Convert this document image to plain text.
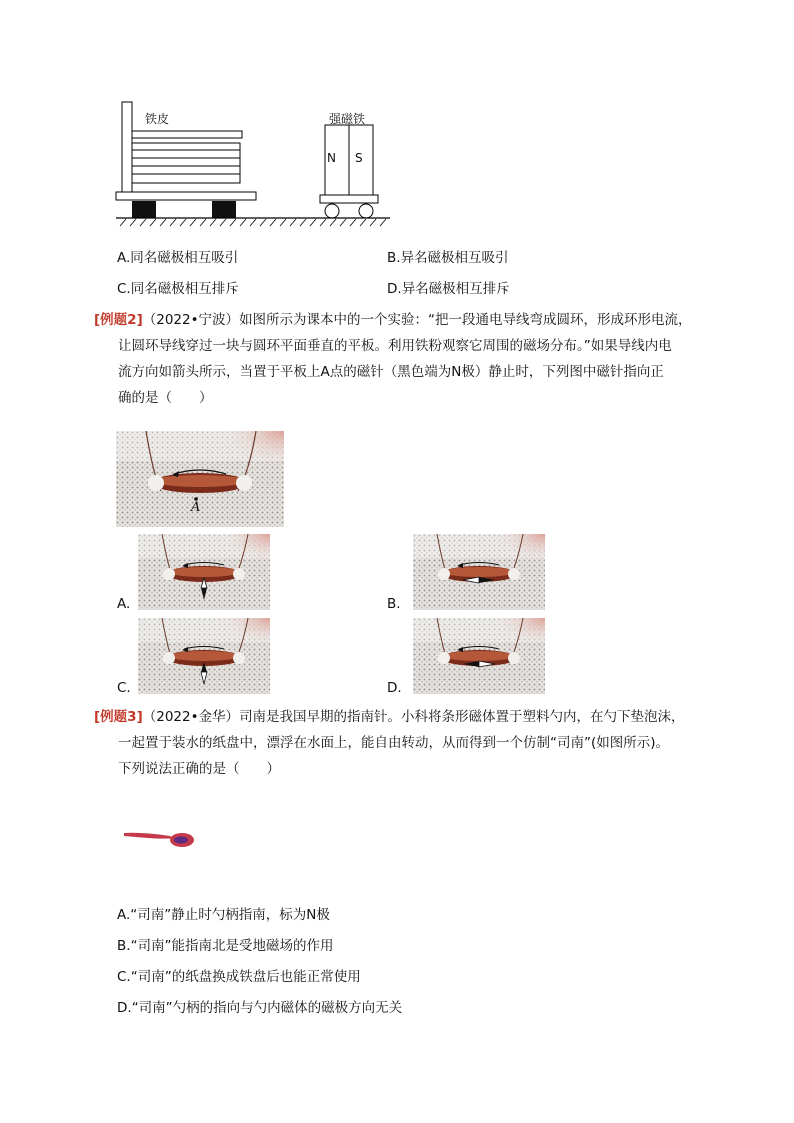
铁皮	强磁铁
N S
A.同名磁极相互吸引	B.异名磁极相互吸引
C.同名磁极相互排斥	D.异名磁极相互排斥
[例题2]（2022•宁波）如图所示为课本中的一个实验：“把一段通电导线弯成圆环，形成环形电流，
让圆环导线穿过一块与圆环平面垂直的平板。利用铁粉观察它周围的磁场分布。”如果导线内电
流方向如箭头所示，当置于平板上A点的磁针（黑色端为N极）静止时，下列图中磁针指向正
确的是（　　）
A
A.	B.
C.	D.
[例题3]（2022•金华）司南是我国早期的指南针。小科将条形磁体置于塑料勺内，在勺下垫泡沫，
一起置于装水的纸盘中，漂浮在水面上，能自由转动，从而得到一个仿制“司南”(如图所示)。
下列说法正确的是（　　）
A.“司南”静止时勺柄指南，标为N极
B.“司南”能指南北是受地磁场的作用
C.“司南”的纸盘换成铁盘后也能正常使用
D.“司南”勺柄的指向与勺内磁体的磁极方向无关
